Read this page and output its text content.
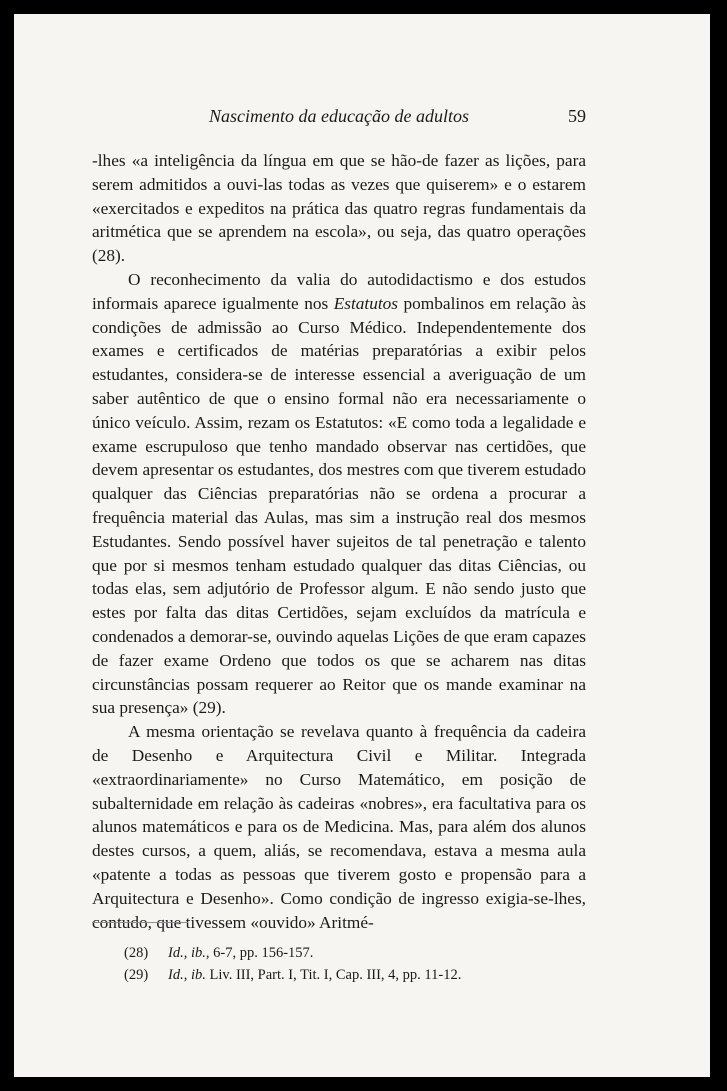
Nascimento da educação de adultos	59

-lhes «a inteligência da língua em que se hão-de fazer as lições, para serem admitidos a ouvi-las todas as vezes que quiserem» e o estarem «exercitados e expeditos na prática das quatro regras fundamentais da aritmética que se aprendem na escola», ou seja, das quatro operações (28).

O reconhecimento da valia do autodidactismo e dos estudos informais aparece igualmente nos Estatutos pombalinos em relação às condições de admissão ao Curso Médico. Independentemente dos exames e certificados de matérias preparatórias a exibir pelos estudantes, considera-se de interesse essencial a averiguação de um saber autêntico de que o ensino formal não era necessariamente o único veículo. Assim, rezam os Estatutos: «E como toda a legalidade e exame escrupuloso que tenho mandado observar nas certidões, que devem apresentar os estudantes, dos mestres com que tiverem estudado qualquer das Ciências preparatórias não se ordena a procurar a frequência material das Aulas, mas sim a instrução real dos mesmos Estudantes. Sendo possível haver sujeitos de tal penetração e talento que por si mesmos tenham estudado qualquer das ditas Ciências, ou todas elas, sem adjutório de Professor algum. E não sendo justo que estes por falta das ditas Certidões, sejam excluídos da matrícula e condenados a demorar-se, ouvindo aquelas Lições de que eram capazes de fazer exame Ordeno que todos os que se acharem nas ditas circunstâncias possam requerer ao Reitor que os mande examinar na sua presença» (29).

A mesma orientação se revelava quanto à frequência da cadeira de Desenho e Arquitectura Civil e Militar. Integrada «extraordinariamente» no Curso Matemático, em posição de subalternidade em relação às cadeiras «nobres», era facultativa para os alunos matemáticos e para os de Medicina. Mas, para além dos alunos destes cursos, a quem, aliás, se recomendava, estava a mesma aula «patente a todas as pessoas que tiverem gosto e propensão para a Arquitectura e Desenho». Como condição de ingresso exigia-se-lhes, contudo, que tivessem «ouvido» Aritmé-

(28) Id., ib., 6-7, pp. 156-157.
(29) Id., ib. Liv. III, Part. I, Tit. I, Cap. III, 4, pp. 11-12.
